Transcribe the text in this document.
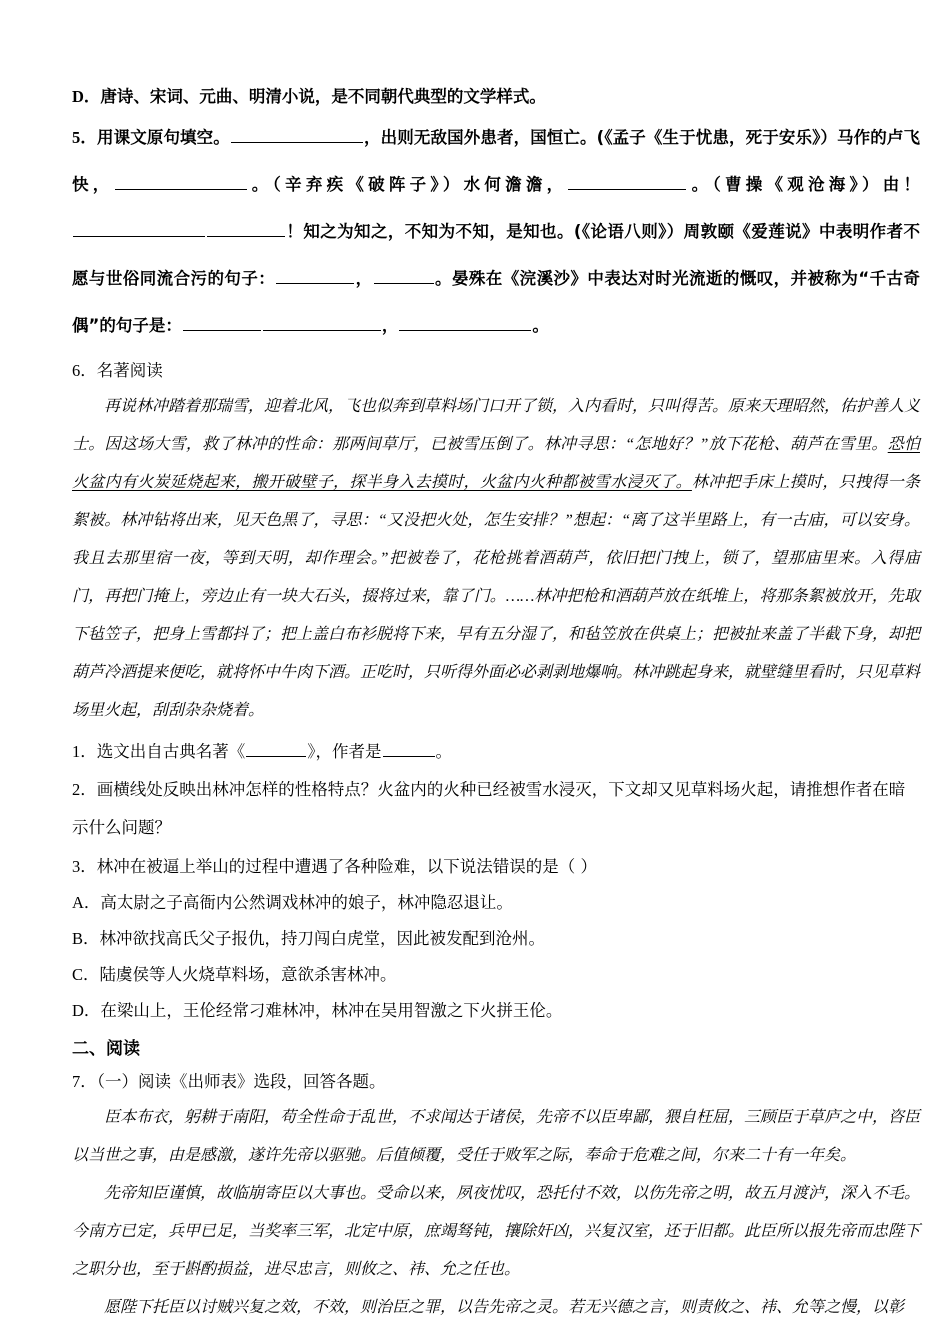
D．唐诗、宋词、元曲、明清小说，是不同朝代典型的文学样式。
5．用课文原句填空。	，出则无敌国外患者，国恒亡。(《孟子《生于忧患，死于安乐》）马作的卢飞快，	。（辛弃疾《破阵子》）水何澹澹，	。（曹操《观沧海》）由！！知之为知之，不知为不知，是知也。(《论语八则》）周敦颐《爱莲说》中表明作者不愿与世俗同流合污的句子：	，	。晏殊在《浣溪沙》中表达对时光流逝的慨叹，并被称为“千古奇偶”的句子是：	，	。
6．名著阅读
再说林冲踏着那瑞雪，迎着北风，飞也似奔到草料场门口开了锁，入内看时，只叫得苦。原来天理昭然，佑护善人义士。因这场大雪，救了林冲的性命：那两间草厅，已被雪压倒了。林冲寻思：“怎地好？”放下花枪、葫芦在雪里。恐怕火盆内有火炭延烧起来，搬开破壁子，探半身入去摸时，火盆内火种都被雪水浸灭了。林冲把手床上摸时，只拽得一条絮被。林冲钻将出来，见天色黑了，寻思：“又没把火处，怎生安排？”想起：“离了这半里路上，有一古庙，可以安身。我且去那里宿一夜，等到天明，却作理会。”把被卷了，花枪挑着酒葫芦，依旧把门拽上，锁了，望那庙里来。入得庙门，再把门掩上，旁边止有一块大石头，掇将过来，靠了门。……林冲把枪和酒葫芦放在纸堆上，将那条絮被放开，先取下毡笠子，把身上雪都抖了；把上盖白布衫脱将下来，早有五分湿了，和毡笠放在供桌上；把被扯来盖了半截下身，却把葫芦冷酒提来便吃，就将怀中牛肉下酒。正吃时，只听得外面必必剥剥地爆响。林冲跳起身来，就壁缝里看时，只见草料场里火起，刮刮杂杂烧着。
1．选文出自古典名著《	》，作者是	。
2．画横线处反映出林冲怎样的性格特点？火盆内的火种已经被雪水浸灭，下文却又见草料场火起，请推想作者在暗示什么问题？
3．林冲在被逼上举山的过程中遭遇了各种险难，以下说法错误的是（ ）
A．高太尉之子高衙内公然调戏林冲的娘子，林冲隐忍退让。
B．林冲欲找高氏父子报仇，持刀闯白虎堂，因此被发配到沧州。
C．陆虞侯等人火烧草料场，意欲杀害林冲。
D．在梁山上，王伦经常刁难林冲，林冲在吴用智激之下火拼王伦。
二、阅读
7．（一）阅读《出师表》选段，回答各题。
臣本布衣，躬耕于南阳，苟全性命于乱世，不求闻达于诸侯，先帝不以臣卑鄙，猥自枉屈，三顾臣于草庐之中，咨臣以当世之事，由是感激，遂许先帝以驱驰。后值倾覆，受任于败军之际，奉命于危难之间，尔来二十有一年矣。
先帝知臣谨慎，故临崩寄臣以大事也。受命以来，夙夜忧叹，恐托付不效，以伤先帝之明，故五月渡泸，深入不毛。今南方已定，兵甲已足，当奖率三军，北定中原，庶竭驽钝，攘除奸凶，兴复汉室，还于旧都。此臣所以报先帝而忠陛下之职分也，至于斟酌损益，进尽忠言，则攸之、祎、允之任也。
愿陛下托臣以讨贼兴复之效，不效，则治臣之罪，以告先帝之灵。若无兴德之言，则责攸之、祎、允等之慢，以彰
